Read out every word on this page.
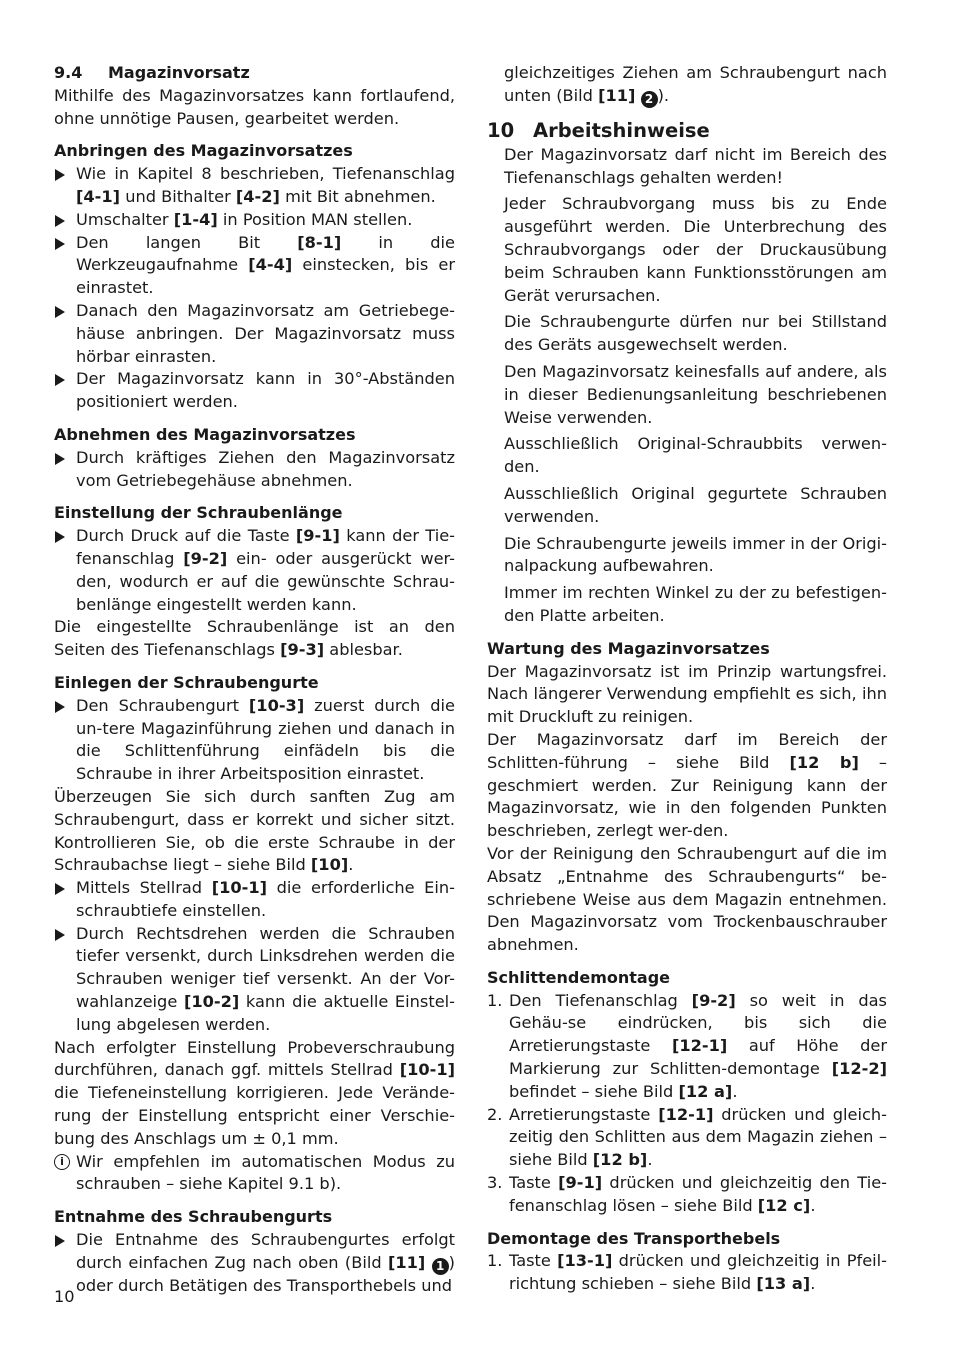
9.4 Magazinvorsatz

Mithilfe des Magazinvorsatzes kann fortlaufend, ohne unnötige Pausen, gearbeitet werden.

Anbringen des Magazinvorsatzes
Wie in Kapitel 8 beschrieben, Tiefenanschlag [4-1] und Bithalter [4-2] mit Bit abnehmen.
Umschalter [1-4] in Position MAN stellen.
Den langen Bit [8-1] in die Werkzeugaufnahme [4-4] einstecken, bis er einrastet.
Danach den Magazinvorsatz am Getriebege-häuse anbringen. Der Magazinvorsatz muss hörbar einrasten.
Der Magazinvorsatz kann in 30°-Abständen positioniert werden.
Abnehmen des Magazinvorsatzes
Durch kräftiges Ziehen den Magazinvorsatz vom Getriebegehäuse abnehmen.
Einstellung der Schraubenlänge
Durch Druck auf die Taste [9-1] kann der Tie-fenanschlag [9-2] ein- oder ausgerückt wer-den, wodurch er auf die gewünschte Schrau-benlänge eingestellt werden kann.

Die eingestellte Schraubenlänge ist an den Seiten des Tiefenanschlags [9-3] ablesbar.

Einlegen der Schraubengurte
Den Schraubengurt [10-3] zuerst durch die un-tere Magazinführung ziehen und danach in die Schlittenführung einfädeln bis die Schraube in ihrer Arbeitsposition einrastet.

Überzeugen Sie sich durch sanften Zug am Schraubengurt, dass er korrekt und sicher sitzt. Kontrollieren Sie, ob die erste Schraube in der Schraubachse liegt – siehe Bild [10].

Mittels Stellrad [10-1] die erforderliche Ein-schraubtiefe einstellen.
Durch Rechtsdrehen werden die Schrauben tiefer versenkt, durch Linksdrehen werden die Schrauben weniger tief versenkt. An der Vor-wahlanzeige [10-2] kann die aktuelle Einstel-lung abgelesen werden.

Nach erfolgter Einstellung Probeverschraubung durchführen, danach ggf. mittels Stellrad [10-1] die Tiefeneinstellung korrigieren. Jede Verände-rung der Einstellung entspricht einer Verschie-bung des Anschlags um ± 0,1 mm.

i Wir empfehlen im automatischen Modus zu schrauben – siehe Kapitel 9.1 b).
Entnahme des Schraubengurts
Die Entnahme des Schraubengurtes erfolgt durch einfachen Zug nach oben (Bild [11] 1 ) oder durch Betätigen des Transporthebels und

gleichzeitiges Ziehen am Schraubengurt nach unten (Bild [11] 2 ).

10 Arbeitshinweise

Der Magazinvorsatz darf nicht im Bereich des Tiefenanschlags gehalten werden!

Jeder Schraubvorgang muss bis zu Ende ausgeführt werden. Die Unterbrechung des Schraubvorgangs oder der Druckausübung beim Schrauben kann Funktionsstörungen am Gerät verursachen.

Die Schraubengurte dürfen nur bei Stillstand des Geräts ausgewechselt werden.

Den Magazinvorsatz keinesfalls auf andere, als in dieser Bedienungsanleitung beschriebenen Weise verwenden.

Ausschließlich Original-Schraubbits verwen-den.

Ausschließlich Original gegurtete Schrauben verwenden.

Die Schraubengurte jeweils immer in der Origi-nalpackung aufbewahren.

Immer im rechten Winkel zu der zu befestigen-den Platte arbeiten.

Wartung des Magazinvorsatzes

Der Magazinvorsatz ist im Prinzip wartungsfrei. Nach längerer Verwendung empfiehlt es sich, ihn mit Druckluft zu reinigen.

Der Magazinvorsatz darf im Bereich der Schlitten-führung – siehe Bild [12 b] – geschmiert werden. Zur Reinigung kann der Magazinvorsatz, wie in den folgenden Punkten beschrieben, zerlegt wer-den.

Vor der Reinigung den Schraubengurt auf die im Absatz „Entnahme des Schraubengurts“ be-schriebene Weise aus dem Magazin entnehmen. Den Magazinvorsatz vom Trockenbauschrauber abnehmen.

Schlittendemontage
1. Den Tiefenanschlag [9-2] so weit in das Gehäu-se eindrücken, bis sich die Arretierungstaste [12-1] auf Höhe der Markierung zur Schlitten-demontage [12-2] befindet – siehe Bild [12 a].
2. Arretierungstaste [12-1] drücken und gleich-zeitig den Schlitten aus dem Magazin ziehen – siehe Bild [12 b].
3. Taste [9-1] drücken und gleichzeitig den Tie-fenanschlag lösen – siehe Bild [12 c].
Demontage des Transporthebels
1. Taste [13-1] drücken und gleichzeitig in Pfeil-richtung schieben – siehe Bild [13 a].
10
